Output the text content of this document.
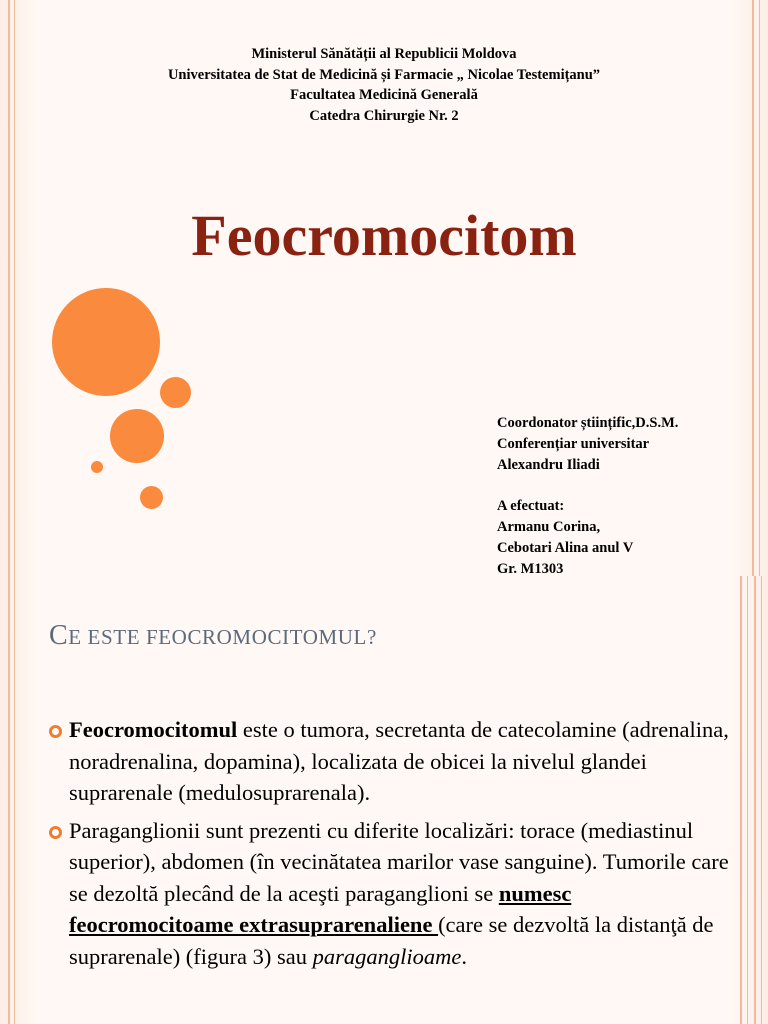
Ministerul Sănătății al Republicii Moldova
Universitatea de Stat de Medicină și Farmacie „ Nicolae Testemițanu”
Facultatea Medicină Generală
Catedra Chirurgie Nr. 2
Feocromocitom
Coordonator științific,D.S.M.
Conferențiar universitar
Alexandru Iliadi
A efectuat:
Armanu Corina,
Cebotari Alina anul V
Gr. M1303
CE ESTE FEOCROMOCITOMUL?
Feocromocitomul este o tumora, secretanta de catecolamine (adrenalina, noradrenalina, dopamina), localizata de obicei la nivelul glandei suprarenale (medulosuprarenala).
Paraganglionii sunt prezenti cu diferite localizări: torace (mediastinul superior), abdomen (în vecinătatea marilor vase sanguine). Tumorile care se dezoltă plecând de la aceşti paraganglioni se numesc feocromocitoame extrasuprarenaliene (care se dezvoltă la distanţă de suprarenale) (figura 3) sau paraganglioame.
